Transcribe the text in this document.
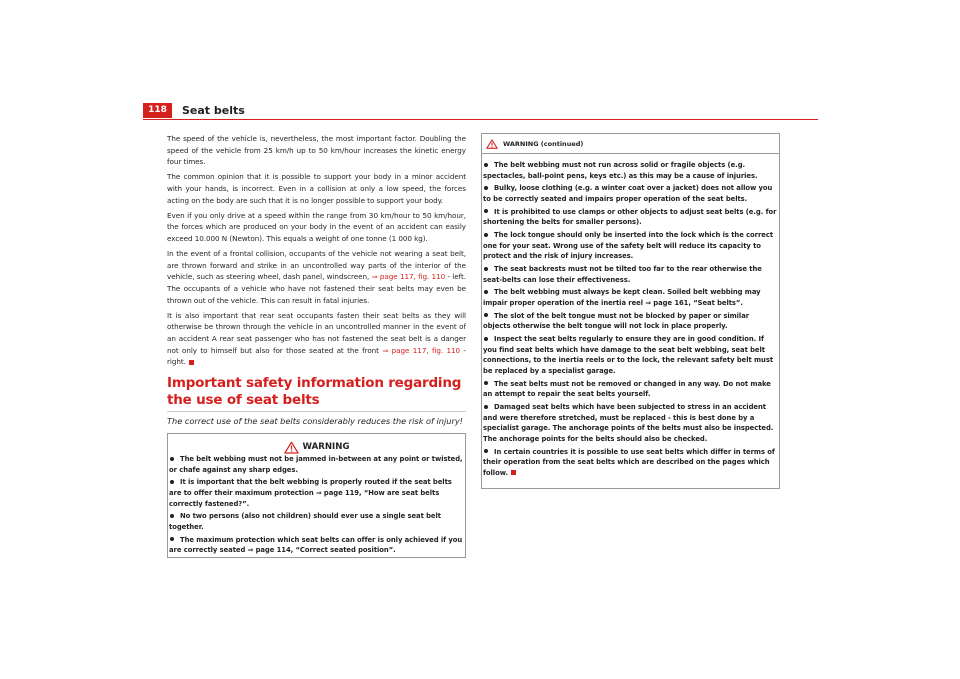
118	Seat belts

The speed of the vehicle is, nevertheless, the most important factor. Doubling the speed of the vehicle from 25 km/h up to 50 km/hour increases the kinetic energy four times.

The common opinion that it is possible to support your body in a minor accident with your hands, is incorrect. Even in a collision at only a low speed, the forces acting on the body are such that it is no longer possible to support your body.

Even if you only drive at a speed within the range from 30 km/hour to 50 km/hour, the forces which are produced on your body in the event of an accident can easily exceed 10.000 N (Newton). This equals a weight of one tonne (1 000 kg).

In the event of a frontal collision, occupants of the vehicle not wearing a seat belt, are thrown forward and strike in an uncontrolled way parts of the interior of the vehicle, such as steering wheel, dash panel, windscreen, ⇒ page 117, fig. 110 - left. The occupants of a vehicle who have not fastened their seat belts may even be thrown out of the vehicle. This can result in fatal injuries.

It is also important that rear seat occupants fasten their seat belts as they will otherwise be thrown through the vehicle in an uncontrolled manner in the event of an accident A rear seat passenger who has not fastened the seat belt is a danger not only to himself but also for those seated at the front ⇒ page 117, fig. 110 - right.

Important safety information regarding the use of seat belts
The correct use of the seat belts considerably reduces the risk of injury!
WARNING
The belt webbing must not be jammed in-between at any point or twisted, or chafe against any sharp edges.
It is important that the belt webbing is properly routed if the seat belts are to offer their maximum protection ⇒ page 119, “How are seat belts correctly fastened?”.
No two persons (also not children) should ever use a single seat belt together.
The maximum protection which seat belts can offer is only achieved if you are correctly seated ⇒ page 114, “Correct seated position”.
WARNING (continued)
The belt webbing must not run across solid or fragile objects (e.g. spectacles, ball-point pens, keys etc.) as this may be a cause of injuries.
Bulky, loose clothing (e.g. a winter coat over a jacket) does not allow you to be correctly seated and impairs proper operation of the seat belts.
It is prohibited to use clamps or other objects to adjust seat belts (e.g. for shortening the belts for smaller persons).
The lock tongue should only be inserted into the lock which is the correct one for your seat. Wrong use of the safety belt will reduce its capacity to protect and the risk of injury increases.
The seat backrests must not be tilted too far to the rear otherwise the seat-belts can lose their effectiveness.
The belt webbing must always be kept clean. Soiled belt webbing may impair proper operation of the inertia reel ⇒ page 161, “Seat belts”.
The slot of the belt tongue must not be blocked by paper or similar objects otherwise the belt tongue will not lock in place properly.
Inspect the seat belts regularly to ensure they are in good condition. If you find seat belts which have damage to the seat belt webbing, seat belt connections, to the inertia reels or to the lock, the relevant safety belt must be replaced by a specialist garage.
The seat belts must not be removed or changed in any way. Do not make an attempt to repair the seat belts yourself.
Damaged seat belts which have been subjected to stress in an accident and were therefore stretched, must be replaced - this is best done by a specialist garage. The anchorage points of the belts must also be inspected. The anchorage points for the belts should also be checked.
In certain countries it is possible to use seat belts which differ in terms of their operation from the seat belts which are described on the pages which follow.
